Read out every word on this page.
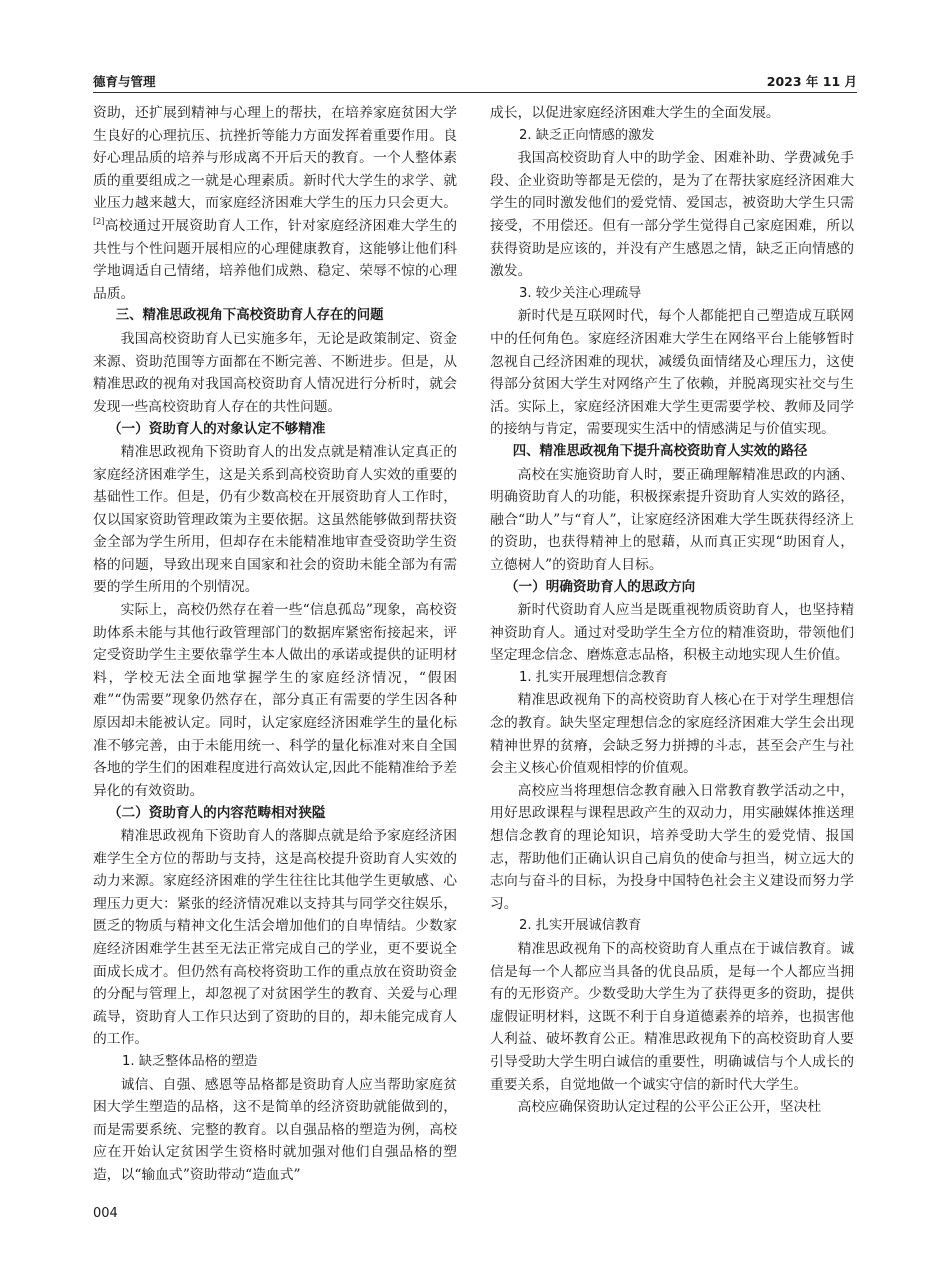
德育与管理	2023 年 11 月

资助，还扩展到精神与心理上的帮扶，在培养家庭贫困大学生良好的心理抗压、抗挫折等能力方面发挥着重要作用。良好心理品质的培养与形成离不开后天的教育。一个人整体素质的重要组成之一就是心理素质。新时代大学生的求学、就业压力越来越大，而家庭经济困难大学生的压力只会更大。[2]高校通过开展资助育人工作，针对家庭经济困难大学生的共性与个性问题开展相应的心理健康教育，这能够让他们科学地调适自己情绪，培养他们成熟、稳定、荣辱不惊的心理品质。

三、精准思政视角下高校资助育人存在的问题

我国高校资助育人已实施多年，无论是政策制定、资金来源、资助范围等方面都在不断完善、不断进步。但是，从精准思政的视角对我国高校资助育人情况进行分析时，就会发现一些高校资助育人存在的共性问题。

（一）资助育人的对象认定不够精准

精准思政视角下资助育人的出发点就是精准认定真正的家庭经济困难学生，这是关系到高校资助育人实效的重要的基础性工作。但是，仍有少数高校在开展资助育人工作时，仅以国家资助管理政策为主要依据。这虽然能够做到帮扶资金全部为学生所用，但却存在未能精准地审查受资助学生资格的问题，导致出现来自国家和社会的资助未能全部为有需要的学生所用的个别情况。

实际上，高校仍然存在着一些“信息孤岛”现象，高校资助体系未能与其他行政管理部门的数据库紧密衔接起来，评定受资助学生主要依靠学生本人做出的承诺或提供的证明材料，学校无法全面地掌握学生的家庭经济情况，“假困难”“伪需要”现象仍然存在，部分真正有需要的学生因各种原因却未能被认定。同时，认定家庭经济困难学生的量化标准不够完善，由于未能用统一、科学的量化标准对来自全国各地的学生们的困难程度进行高效认定,因此不能精准给予差异化的有效资助。

（二）资助育人的内容范畴相对狭隘

精准思政视角下资助育人的落脚点就是给予家庭经济困难学生全方位的帮助与支持，这是高校提升资助育人实效的动力来源。家庭经济困难的学生往往比其他学生更敏感、心理压力更大：紧张的经济情况难以支持其与同学交往娱乐，匮乏的物质与精神文化生活会增加他们的自卑情结。少数家庭经济困难学生甚至无法正常完成自己的学业，更不要说全面成长成才。但仍然有高校将资助工作的重点放在资助资金的分配与管理上，却忽视了对贫困学生的教育、关爱与心理疏导，资助育人工作只达到了资助的目的，却未能完成育人的工作。

1. 缺乏整体品格的塑造

诚信、自强、感恩等品格都是资助育人应当帮助家庭贫困大学生塑造的品格，这不是简单的经济资助就能做到的，而是需要系统、完整的教育。以自强品格的塑造为例，高校应在开始认定贫困学生资格时就加强对他们自强品格的塑造，以“输血式”资助带动“造血式”

成长，以促进家庭经济困难大学生的全面发展。

2. 缺乏正向情感的激发

我国高校资助育人中的助学金、困难补助、学费减免手段、企业资助等都是无偿的，是为了在帮扶家庭经济困难大学生的同时激发他们的爱党情、爱国志，被资助大学生只需接受，不用偿还。但有一部分学生觉得自己家庭困难，所以获得资助是应该的，并没有产生感恩之情，缺乏正向情感的激发。

3. 较少关注心理疏导

新时代是互联网时代，每个人都能把自己塑造成互联网中的任何角色。家庭经济困难大学生在网络平台上能够暂时忽视自己经济困难的现状，减缓负面情绪及心理压力，这使得部分贫困大学生对网络产生了依赖，并脱离现实社交与生活。实际上，家庭经济困难大学生更需要学校、教师及同学的接纳与肯定，需要现实生活中的情感满足与价值实现。

四、精准思政视角下提升高校资助育人实效的路径

高校在实施资助育人时，要正确理解精准思政的内涵、明确资助育人的功能，积极探索提升资助育人实效的路径，融合“助人”与“育人”，让家庭经济困难大学生既获得经济上的资助，也获得精神上的慰藉，从而真正实现“助困育人，立德树人”的资助育人目标。

（一）明确资助育人的思政方向

新时代资助育人应当是既重视物质资助育人，也坚持精神资助育人。通过对受助学生全方位的精准资助，带领他们坚定理念信念、磨炼意志品格，积极主动地实现人生价值。

1. 扎实开展理想信念教育

精准思政视角下的高校资助育人核心在于对学生理想信念的教育。缺失坚定理想信念的家庭经济困难大学生会出现精神世界的贫瘠，会缺乏努力拼搏的斗志，甚至会产生与社会主义核心价值观相悖的价值观。

高校应当将理想信念教育融入日常教育教学活动之中，用好思政课程与课程思政产生的双动力，用实融媒体推送理想信念教育的理论知识，培养受助大学生的爱党情、报国志，帮助他们正确认识自己肩负的使命与担当，树立远大的志向与奋斗的目标，为投身中国特色社会主义建设而努力学习。

2. 扎实开展诚信教育

精准思政视角下的高校资助育人重点在于诚信教育。诚信是每一个人都应当具备的优良品质，是每一个人都应当拥有的无形资产。少数受助大学生为了获得更多的资助，提供虚假证明材料，这既不利于自身道德素养的培养，也损害他人利益、破坏教育公正。精准思政视角下的高校资助育人要引导受助大学生明白诚信的重要性，明确诚信与个人成长的重要关系，自觉地做一个诚实守信的新时代大学生。

高校应确保资助认定过程的公平公正公开，坚决杜

004
